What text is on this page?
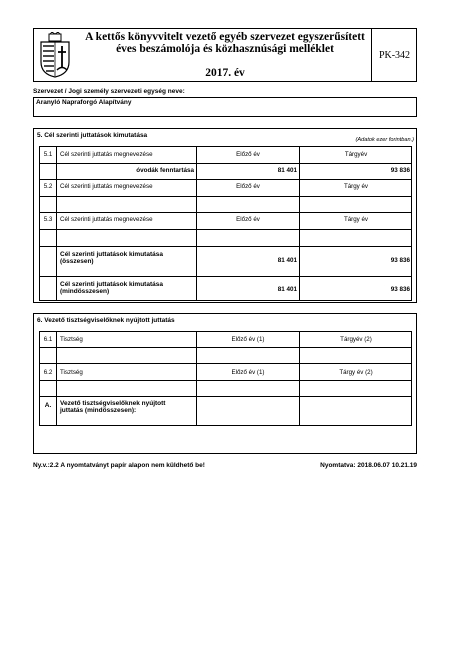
A kettős könyvvitelt vezető egyéb szervezet egyszerűsített
éves beszámolója és közhasznúsági melléklet
2017. év
PK-342
Szervezet / Jogi személy szervezeti egység neve:
Aranyló Napraforgó Alapítvány
5. Cél szerinti juttatások kimutatása
(Adatok ezer forintban.)
5.1	Cél szerinti juttatás megnevezése	Előző év	Tárgyév
óvodák fenntartása	81 401	93 836
5.2	Cél szerinti juttatás megnevezése	Előző év	Tárgy év
5.3	Cél szerinti juttatás megnevezése	Előző év	Tárgy év
Cél szerinti juttatások kimutatása (összesen)	81 401	93 836
Cél szerinti juttatások kimutatása (mindösszesen)	81 401	93 836
6. Vezető tisztségviselőknek nyújtott juttatás
6.1	Tisztség	Előző év (1)	Tárgyév (2)
6.2	Tisztség	Előző év (1)	Tárgy év (2)
A.	Vezető tisztségviselőknek nyújtott juttatás (mindösszesen):
Ny.v.:2.2 A nyomtatványt papír alapon nem küldhető be!	Nyomtatva: 2018.06.07 10.21.19
